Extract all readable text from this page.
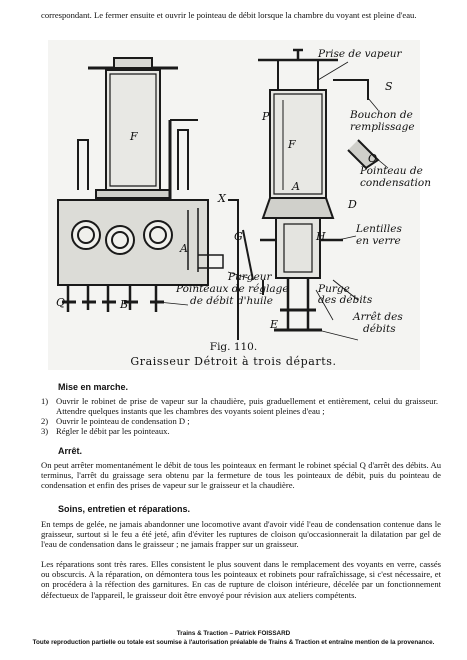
correspondant. Le fermer ensuite et ouvrir le pointeau de débit lorsque la chambre du voyant est pleine d'eau.
Prise de vapeur
S
Bouchon de
remplissage
O
Pointeau de
condensation
Lentilles
en verre
Purgeur
Pointeaux de réglage
de débit d'huile
Purge
des débits
Arrêt des
débits
P
F
F
A
A
D
H
X
G
E
Q	B
Fig. 110.
Graisseur Détroit à trois départs.
Mise en marche.
1) Ouvrir le robinet de prise de vapeur sur la chaudière, puis graduellement et entièrement, celui du graisseur. Attendre quelques instants que les chambres des voyants soient pleines d'eau ;
2) Ouvrir le pointeau de condensation D ;
3) Régler le débit par les pointeaux.
Arrêt.
On peut arrêter momentanément le débit de tous les pointeaux en fermant le robinet spécial Q d'arrêt des débits. Au terminus, l'arrêt du graissage sera obtenu par la fermeture de tous les pointeaux de débit, puis du pointeau de condensation et enfin des prises de vapeur sur le graisseur et la chaudière.
Soins, entretien et réparations.
En temps de gelée, ne jamais abandonner une locomotive avant d'avoir vidé l'eau de condensation contenue dans le graisseur, surtout si le feu a été jeté, afin d'éviter les ruptures de cloison qu'occasionnerait la dilatation par gel de l'eau de condensation dans le graisseur ; ne jamais frapper sur un graisseur.
Les réparations sont très rares. Elles consistent le plus souvent dans le remplacement des voyants en verre, cassés ou obscurcis. A la réparation, on démontera tous les pointeaux et robinets pour rafraîchissage, si c'est nécessaire, et on procédera à la réfection des garnitures. En cas de rupture de cloison intérieure, décelée par un fonctionnement défectueux de l'appareil, le graisseur doit être envoyé pour révision aux ateliers compétents.
Trains & Traction – Patrick FOISSARD
Toute reproduction partielle ou totale est soumise à l'autorisation préalable de Trains & Traction et entraîne mention de la provenance.
